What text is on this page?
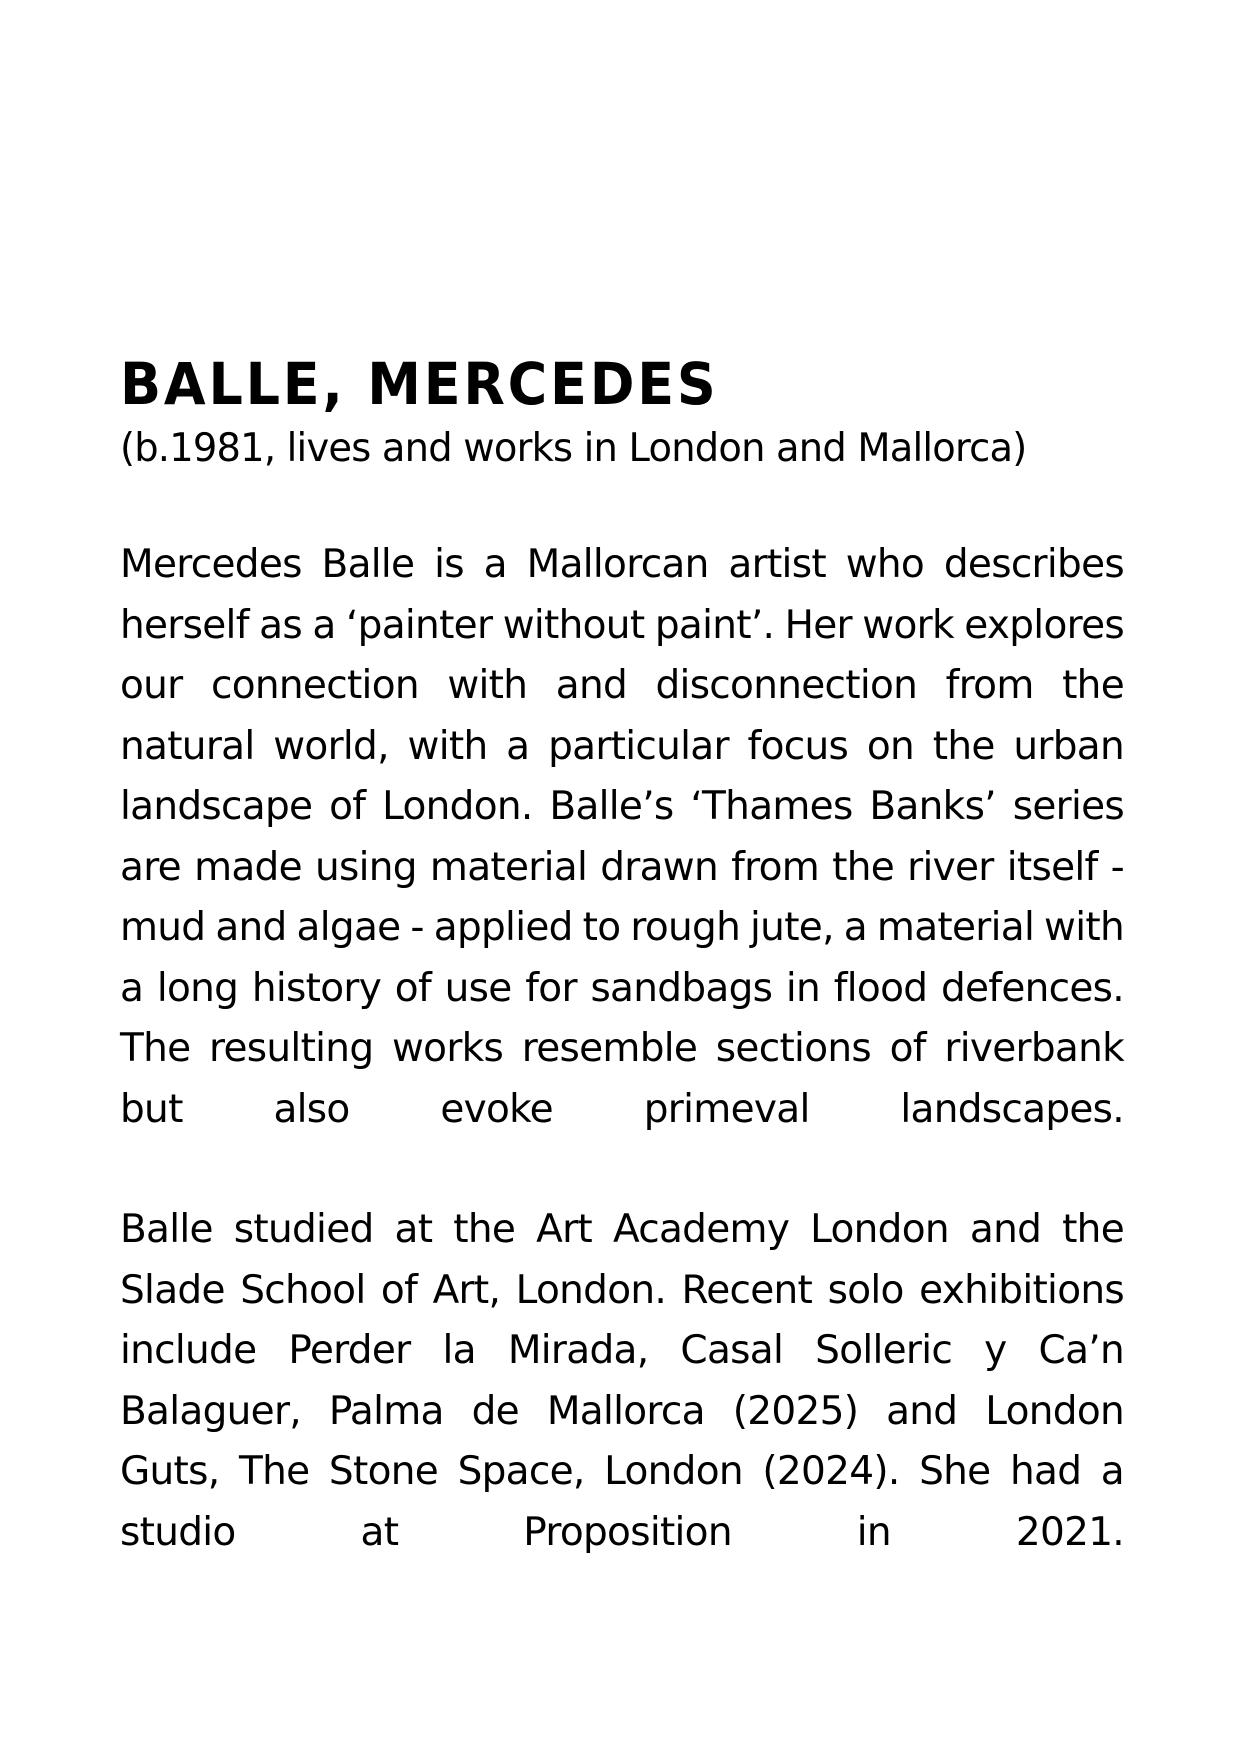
BALLE, MERCEDES
(b.1981, lives and works in London and Mallorca)

Mercedes Balle is a Mallorcan artist who describes herself as a ‘painter without paint’. Her work explores our connection with and disconnection from the natural world, with a particular focus on the urban landscape of London. Balle’s ‘Thames Banks’ series are made using material drawn from the river itself - mud and algae - applied to rough jute, a material with a long history of use for sandbags in flood defences. The resulting works resemble sections of riverbank but also evoke primeval landscapes.

Balle studied at the Art Academy London and the Slade School of Art, London. Recent solo exhibitions include Perder la Mirada, Casal Solleric y Ca’n Balaguer, Palma de Mallorca (2025) and London Guts, The Stone Space, London (2024). She had a studio at Proposition in 2021.
